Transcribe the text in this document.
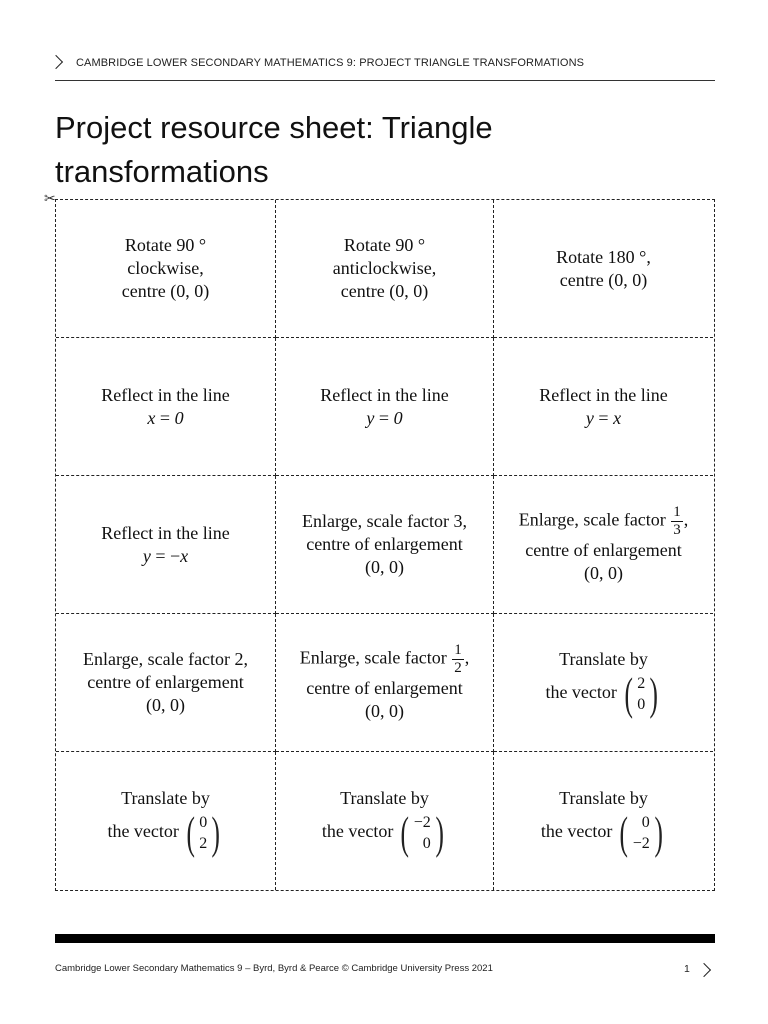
CAMBRIDGE LOWER SECONDARY MATHEMATICS 9: PROJECT TRIANGLE TRANSFORMATIONS
Project resource sheet: Triangle transformations
✂
Rotate 90 °
clockwise,
centre (0, 0)
Rotate 90 °
anticlockwise,
centre (0, 0)
Rotate 180 °,
centre (0, 0)
Reflect in the line
x = 0
Reflect in the line
y = 0
Reflect in the line
y = x
Reflect in the line
y = −x
Enlarge, scale factor 3,
centre of enlargement
(0, 0)
Enlarge, scale factor $\frac{1}{3}$ ,
centre of enlargement
(0, 0)
Enlarge, scale factor 2,
centre of enlargement
(0, 0)
Enlarge, scale factor $\frac{1}{2}$ ,
centre of enlargement
(0, 0)
Translate by
the vector ( 2
0 )
Translate by
the vector ( 0
2 )
Translate by
the vector ( −2
0 )
Translate by
the vector ( 0
−2 )
Cambridge Lower Secondary Mathematics 9 – Byrd, Byrd & Pearce © Cambridge University Press 2021	1
